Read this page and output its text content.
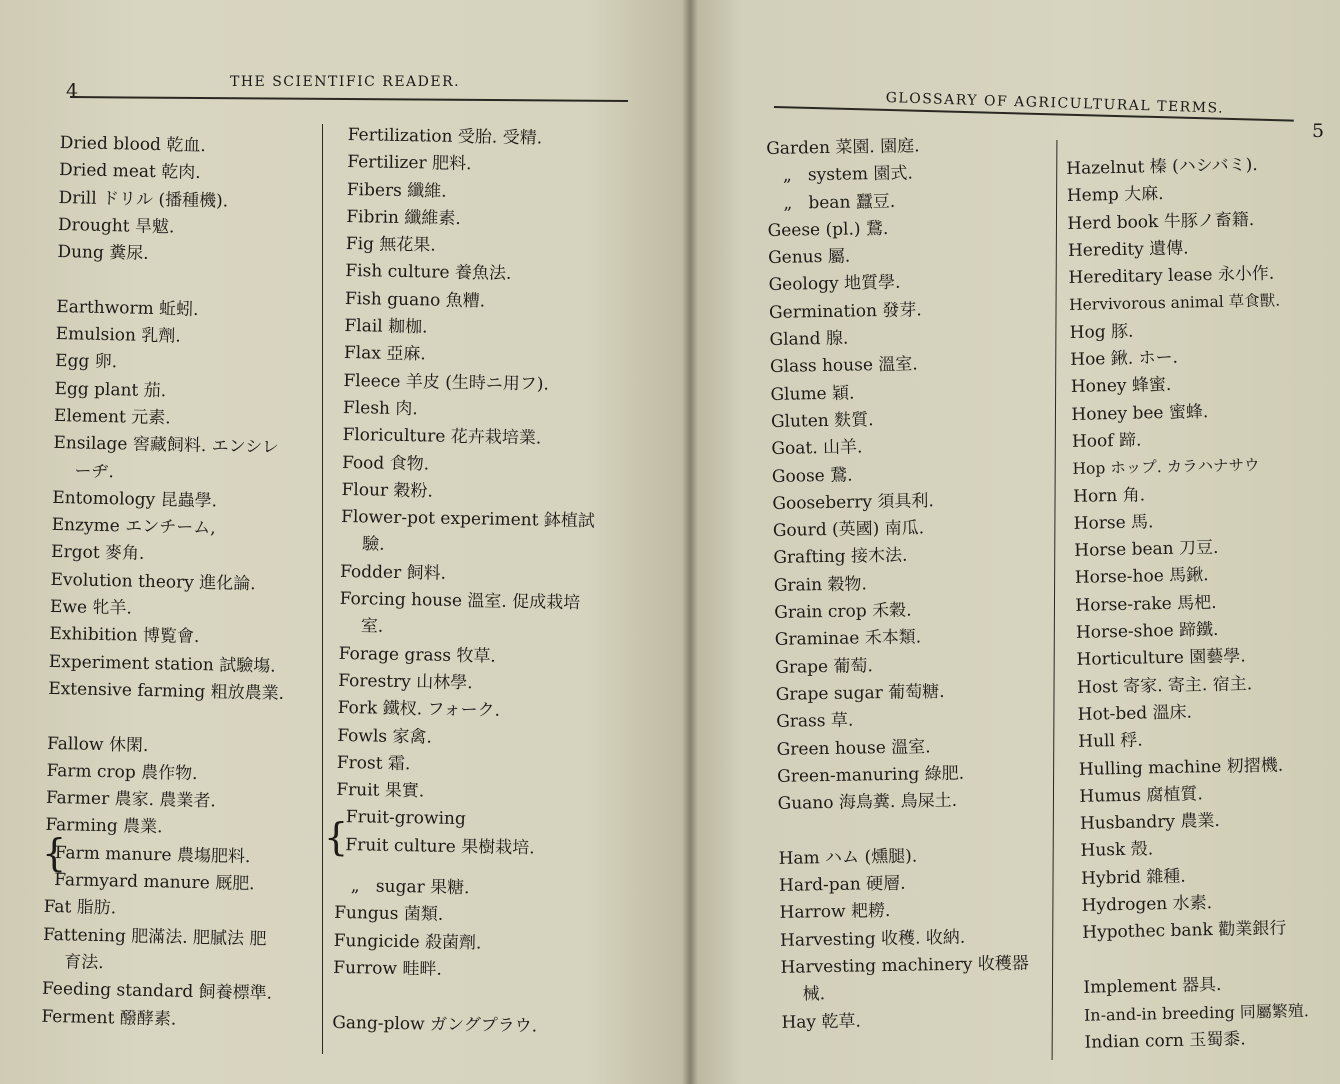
4	THE SCIENTIFIC READER.
{	{
Dried blood 乾血.
Dried meat 乾肉.
Drill ドリル (播種機).
Drought 旱魃.
Dung 糞尿.

Earthworm 蚯蚓.
Emulsion 乳劑.
Egg 卵.
Egg plant 茄.
Element 元素.
Ensilage 窖藏飼料. エンシレ
ーヂ.
Entomology 昆蟲學.
Enzyme エンチーム,
Ergot 麥角.
Evolution theory 進化論.
Ewe 牝羊.
Exhibition 博覧會.
Experiment station 試驗塲.
Extensive farming 粗放農業.

Fallow 休閑.
Farm crop 農作物.
Farmer 農家. 農業者.
Farming 農業.
Farm manure 農塲肥料.
Farmyard manure 厩肥.
Fat 脂肪.
Fattening 肥滿法. 肥膩法 肥
育法.
Feeding standard 飼養標準.
Ferment 醱酵素.
Fertilization 受胎. 受精.
Fertilizer 肥料.
Fibers 纖維.
Fibrin 纖維素.
Fig 無花果.
Fish culture 養魚法.
Fish guano 魚糟.
Flail 耞枷.
Flax 亞麻.
Fleece 羊皮 (生時ニ用フ).
Flesh 肉.
Floriculture 花卉栽培業.
Food 食物.
Flour 穀粉.
Flower-pot experiment 鉢植試
驗.
Fodder 飼料.
Forcing house 溫室. 促成栽培
室.
Forage grass 牧草.
Forestry 山林學.
Fork 鐵杈. フォーク.
Fowls 家禽.
Frost 霜.
Fruit 果實.
Fruit-growing
Fruit culture 果樹栽培.

„   sugar 果糖.
Fungus 菌類.
Fungicide 殺菌劑.
Furrow 畦畔.

Gang-plow ガングプラウ.
GLOSSARY OF AGRICULTURAL TERMS.
5
Garden 菜園. 園庭.
„   system 園式.
„   bean 蠶豆.
Geese (pl.) 鵞.
Genus 屬.
Geology 地質學.
Germination 發芽.
Gland 腺.
Glass house 溫室.
Glume 穎.
Gluten 麩質.
Goat. 山羊.
Goose 鵞.
Gooseberry 須具利.
Gourd (英國) 南瓜.
Grafting 接木法.
Grain 穀物.
Grain crop 禾穀.
Graminae 禾本類.
Grape 葡萄.
Grape sugar 葡萄糖.
Grass 草.
Green house 溫室.
Green-manuring 綠肥.
Guano 海鳥糞. 鳥屎土.

Ham ハム (燻腿).
Hard-pan 硬層.
Harrow 耙耮.
Harvesting 收穫. 收納.
Harvesting machinery 收穫器
械.
Hay 乾草.
Hazelnut 榛 (ハシバミ).
Hemp 大麻.
Herd book 牛豚ノ畜籍.
Heredity 遺傳.
Hereditary lease 永小作.
Hervivorous animal 草食獸.
Hog 豚.
Hoe 鍬. ホー.
Honey 蜂蜜.
Honey bee 蜜蜂.
Hoof 蹄.
Hop ホップ. カラハナサウ
Horn 角.
Horse 馬.
Horse bean 刀豆.
Horse-hoe 馬鍬.
Horse-rake 馬杷.
Horse-shoe 蹄鐵.
Horticulture 園藝學.
Host 寄家. 寄主. 宿主.
Hot-bed 溫床.
Hull 稃.
Hulling machine 籾摺機.
Humus 腐植質.
Husbandry 農業.
Husk 殼.
Hybrid 雜種.
Hydrogen 水素.
Hypothec bank 勸業銀行

Implement 器具.
In-and-in breeding 同屬繁殖.
Indian corn 玉蜀黍.
